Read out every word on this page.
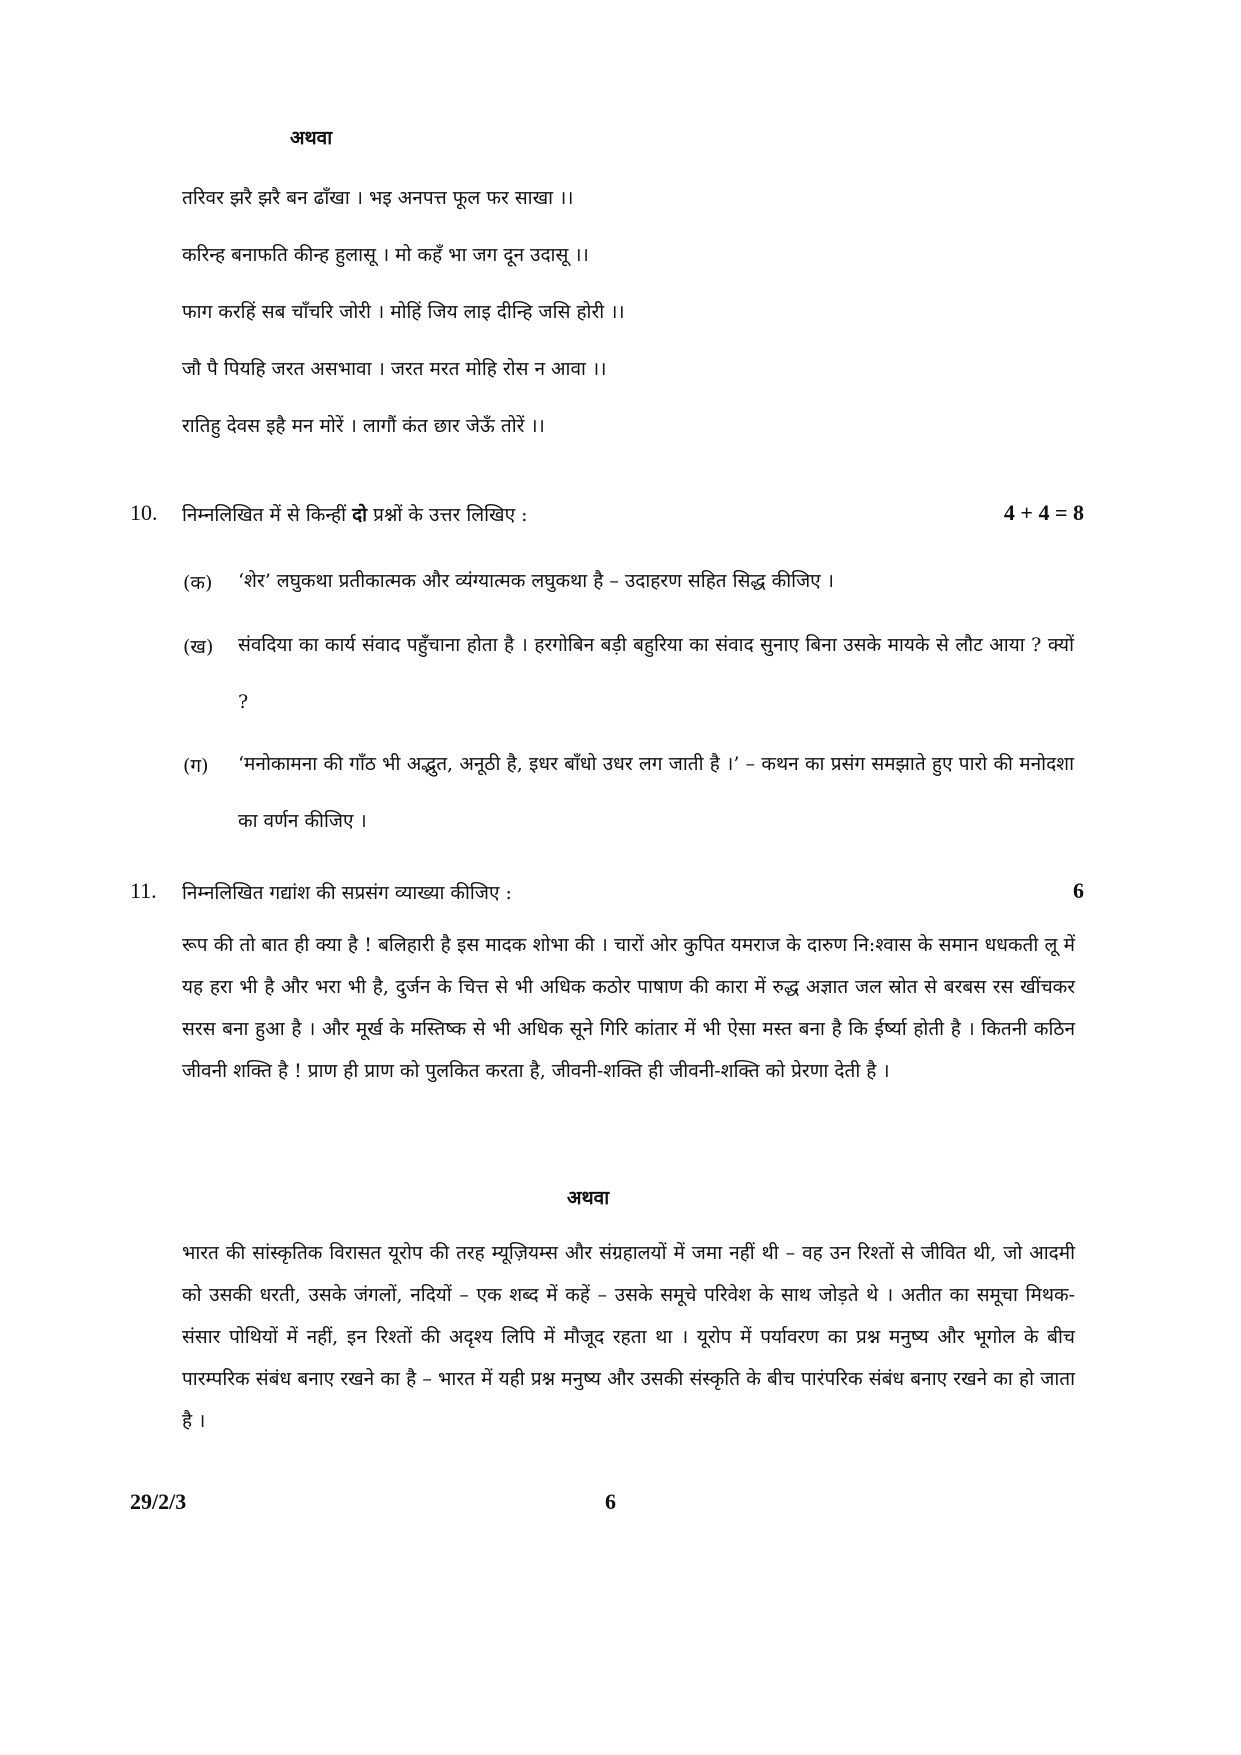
अथवा
तरिवर झरै झरै बन ढाँखा । भइ अनपत्त फूल फर साखा ।।
करिन्ह बनाफति कीन्ह हुलासू । मो कहँ भा जग दून उदासू ।।
फाग करहिं सब चाँचरि जोरी । मोहिं जिय लाइ दीन्हि जसि होरी ।।
जौ पै पियहि जरत असभावा । जरत मरत मोहि रोस न आवा ।।
रातिहु देवस इहै मन मोरें । लागौं कंत छार जेऊँ तोरें ।।
10. निम्नलिखित में से किन्हीं दो प्रश्नों के उत्तर लिखिए :	4 + 4 = 8
(क) ‘शेर’ लघुकथा प्रतीकात्मक और व्यंग्यात्मक लघुकथा है – उदाहरण सहित सिद्ध कीजिए ।
(ख) संवदिया का कार्य संवाद पहुँचाना होता है । हरगोबिन बड़ी बहुरिया का संवाद सुनाए बिना उसके मायके से लौट आया ? क्यों ?
(ग) ‘मनोकामना की गाँठ भी अद्भुत, अनूठी है, इधर बाँधो उधर लग जाती है ।’ – कथन का प्रसंग समझाते हुए पारो की मनोदशा का वर्णन कीजिए ।
11. निम्नलिखित गद्यांश की सप्रसंग व्याख्या कीजिए :	6
रूप की तो बात ही क्या है ! बलिहारी है इस मादक शोभा की । चारों ओर कुपित यमराज के दारुण नि:श्वास के समान धधकती लू में यह हरा भी है और भरा भी है, दुर्जन के चित्त से भी अधिक कठोर पाषाण की कारा में रुद्ध अज्ञात जल स्रोत से बरबस रस खींचकर सरस बना हुआ है । और मूर्ख के मस्तिष्क से भी अधिक सूने गिरि कांतार में भी ऐसा मस्त बना है कि ईर्ष्या होती है । कितनी कठिन जीवनी शक्ति है ! प्राण ही प्राण को पुलकित करता है, जीवनी-शक्ति ही जीवनी-शक्ति को प्रेरणा देती है ।
अथवा
भारत की सांस्कृतिक विरासत यूरोप की तरह म्यूज़ियम्स और संग्रहालयों में जमा नहीं थी – वह उन रिश्तों से जीवित थी, जो आदमी को उसकी धरती, उसके जंगलों, नदियों – एक शब्द में कहें – उसके समूचे परिवेश के साथ जोड़ते थे । अतीत का समूचा मिथक-संसार पोथियों में नहीं, इन रिश्तों की अदृश्य लिपि में मौजूद रहता था । यूरोप में पर्यावरण का प्रश्न मनुष्य और भूगोल के बीच पारम्परिक संबंध बनाए रखने का है – भारत में यही प्रश्न मनुष्य और उसकी संस्कृति के बीच पारंपरिक संबंध बनाए रखने का हो जाता है ।
29/2/3	6
